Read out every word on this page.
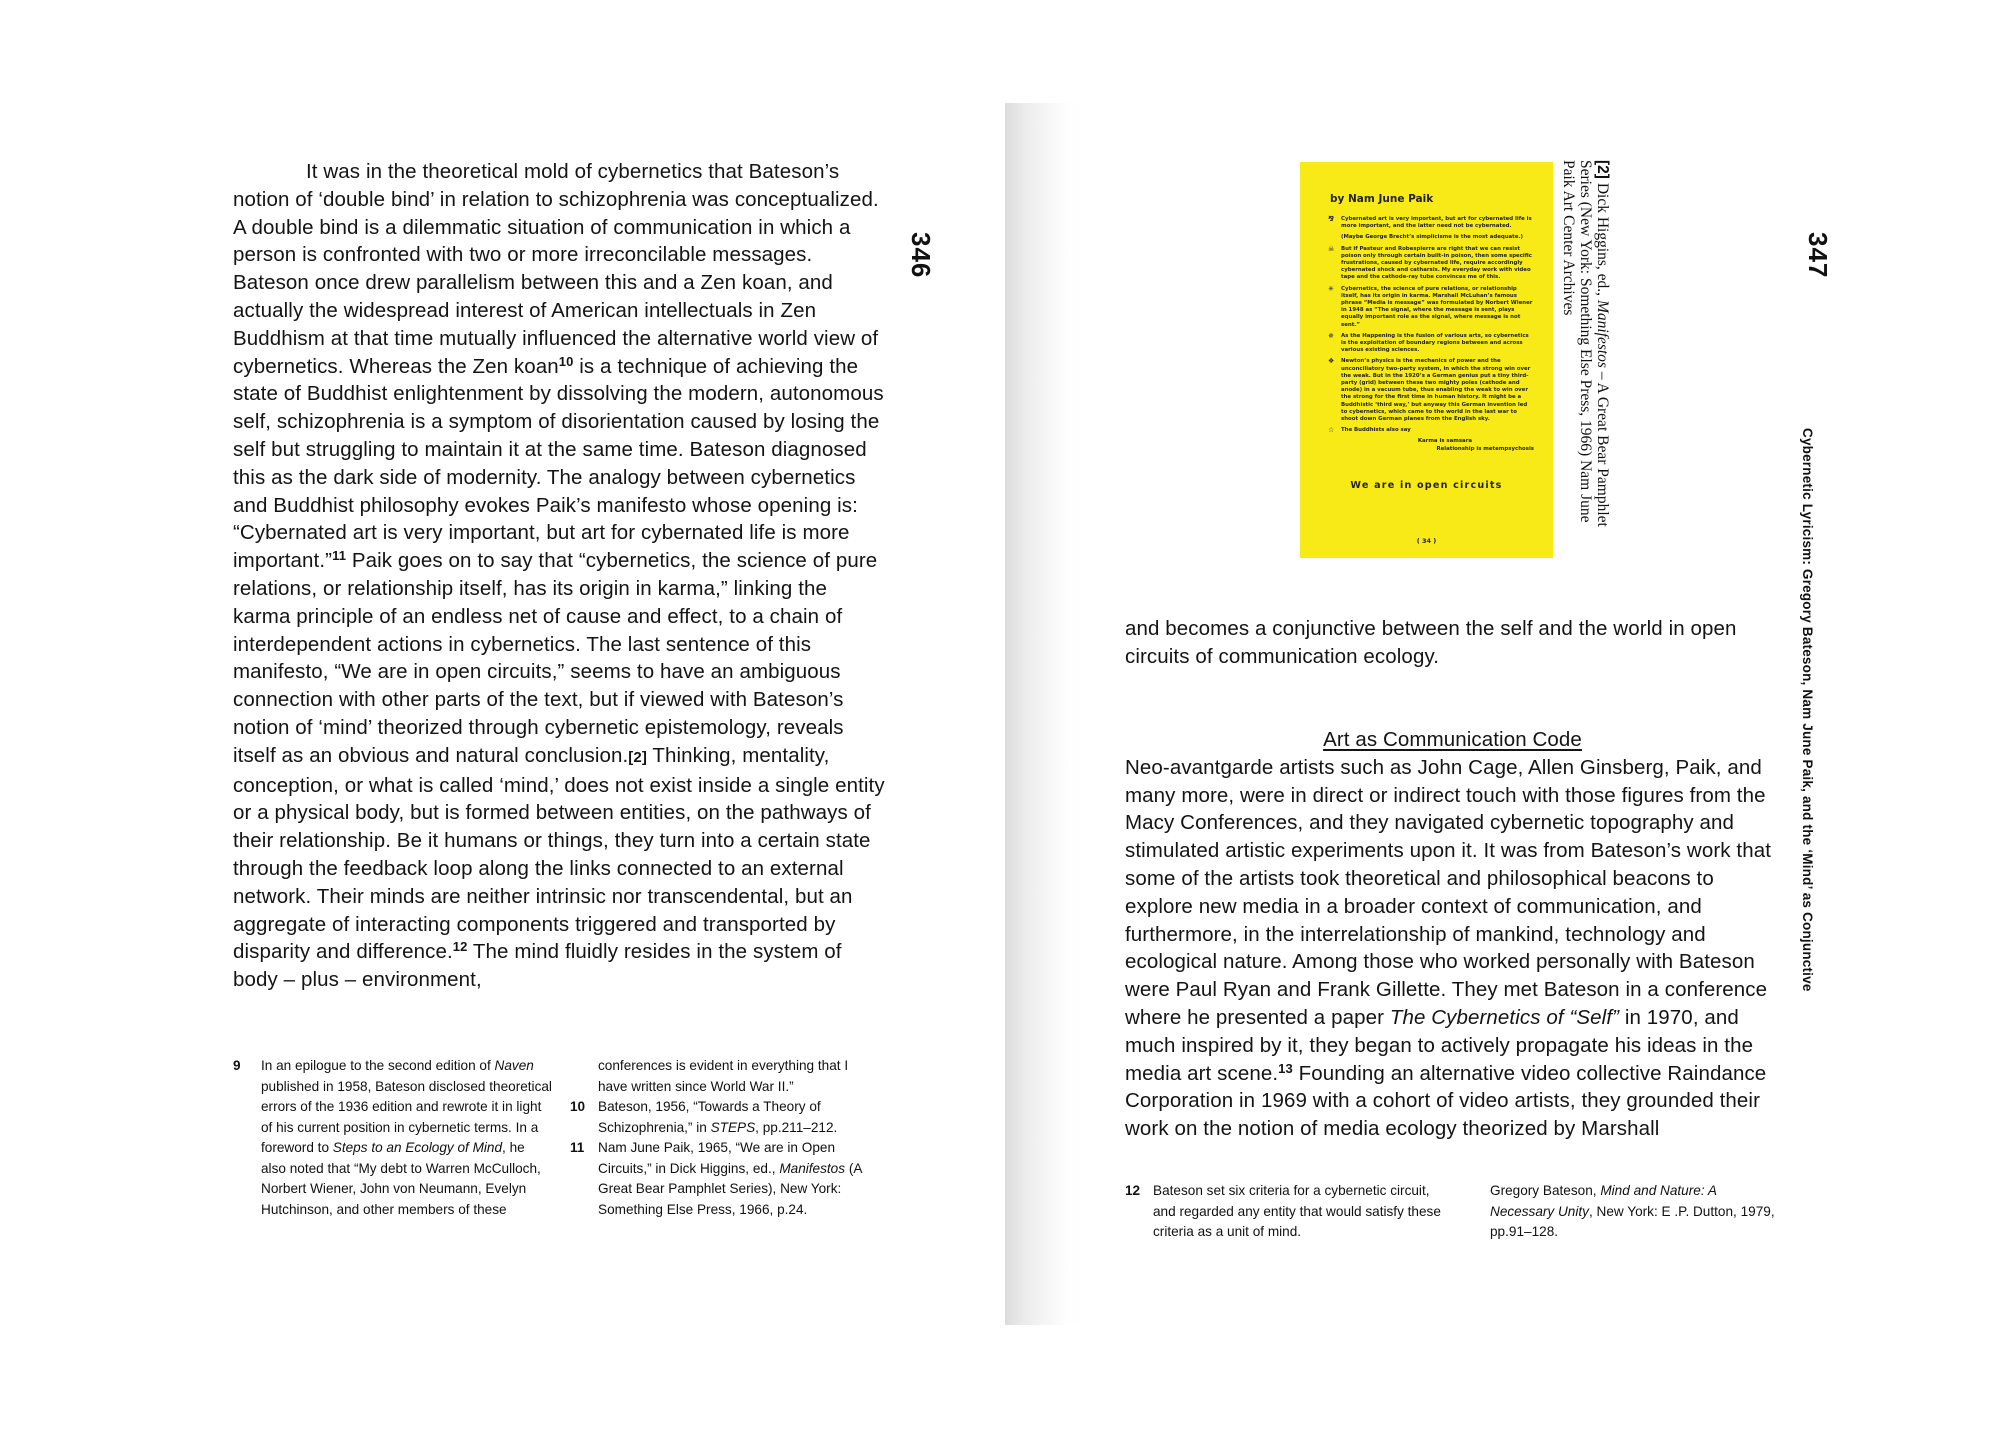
346

It was in the theoretical mold of cybernetics that Bateson’s notion of ‘double bind’ in relation to schizophrenia was conceptualized. A double bind is a dilemmatic situation of communication in which a person is confronted with two or more irreconcilable messages. Bateson once drew parallelism between this and a Zen koan, and actually the widespread interest of American intellectuals in Zen Buddhism at that time mutually influenced the alternative world view of cybernetics. Whereas the Zen koan$^{10}$ is a technique of achieving the state of Buddhist enlightenment by dissolving the modern, autonomous self, schizophrenia is a symptom of disorientation caused by losing the self but struggling to maintain it at the same time. Bateson diagnosed this as the dark side of modernity. The analogy between cybernetics and Buddhist philosophy evokes Paik’s manifesto whose opening is: “Cybernated art is very important, but art for cybernated life is more important.”$^{11}$ Paik goes on to say that “cybernetics, the science of pure relations, or relationship itself, has its origin in karma,” linking the karma principle of an endless net of cause and effect, to a chain of interdependent actions in cybernetics. The last sentence of this manifesto, “We are in open circuits,” seems to have an ambiguous connection with other parts of the text, but if viewed with Bateson’s notion of ‘mind’ theorized through cybernetic epistemology, reveals itself as an obvious and natural conclusion.[2] Thinking, mentality, conception, or what is called ‘mind,’ does not exist inside a single entity or a physical body, but is formed between entities, on the pathways of their relationship. Be it humans or things, they turn into a certain state through the feedback loop along the links connected to an external network. Their minds are neither intrinsic nor transcendental, but an aggregate of interacting components triggered and transported by disparity and difference.$^{12}$ The mind fluidly resides in the system of body – plus – environment,

9 In an epilogue to the second edition of Naven published in 1958, Bateson disclosed theoretical errors of the 1936 edition and rewrote it in light of his current position in cybernetic terms. In a foreword to Steps to an Ecology of Mind, he also noted that “My debt to Warren McCulloch, Norbert Wiener, John von Neumann, Evelyn Hutchinson, and other members of these

conferences is evident in everything that I have written since World War II.”

10 Bateson, 1956, “Towards a Theory of Schizophrenia,” in STEPS, pp.211–212.

11 Nam June Paik, 1965, “We are in Open Circuits,” in Dick Higgins, ed., Manifestos (A Great Bear Pamphlet Series), New York: Something Else Press, 1966, p.24.

347
Cybernetic Lyricism: Gregory Bateson, Nam June Paik, and the ‘Mind’ as Conjunctive
by Nam June Paik
⅋ Cybernated art is very important, but art for cybernated life is more important, and the latter need not be cybernated.
(Maybe George Brecht’s simplicisme is the most adequate.)
☠ But if Pasteur and Robespierre are right that we can resist poison only through certain built-in poison, then some specific frustrations, caused by cybernated life, require accordingly cybernated shock and catharsis. My everyday work with video tape and the cathode-ray tube convinces me of this.
✳ Cybernetics, the science of pure relations, or relationship itself, has its origin in karma. Marshall McLuhan’s famous phrase “Media is message” was formulated by Norbert Wiener in 1948 as “The signal, where the message is sent, plays equally important role as the signal, where message is not sent.”
✵ As the Happening is the fusion of various arts, so cybernetics is the exploitation of boundary regions between and across various existing sciences.
❖ Newton’s physics is the mechanics of power and the unconciliatory two-party system, in which the strong win over the weak. But in the 1920’s a German genius put a tiny third-party (grid) between these two mighty poles (cathode and anode) in a vacuum tube, thus enabling the weak to win over the strong for the first time in human history. It might be a Buddhistic ‘third way,’ but anyway this German invention led to cybernetics, which came to the world in the last war to shoot down German planes from the English sky.
☆ The Buddhists also say
Karma is samsara
Relationship is metempsychosis
We are in open circuits
( 34 )
[2] Dick Higgins, ed., Manifestos – A Great Bear Pamphlet Series (New York: Something Else Press, 1966) Nam June Paik Art Center Archives

and becomes a conjunctive between the self and the world in open circuits of communication ecology.

Art as Communication Code

Neo-avantgarde artists such as John Cage, Allen Ginsberg, Paik, and many more, were in direct or indirect touch with those figures from the Macy Conferences, and they navigated cybernetic topography and stimulated artistic experiments upon it. It was from Bateson’s work that some of the artists took theoretical and philosophical beacons to explore new media in a broader context of communication, and furthermore, in the interrelationship of mankind, technology and ecological nature. Among those who worked personally with Bateson were Paul Ryan and Frank Gillette. They met Bateson in a conference where he presented a paper The Cybernetics of “Self” in 1970, and much inspired by it, they began to actively propagate his ideas in the media art scene.$^{13}$ Founding an alternative video collective Raindance Corporation in 1969 with a cohort of video artists, they grounded their work on the notion of media ecology theorized by Marshall

12 Bateson set six criteria for a cybernetic circuit, and regarded any entity that would satisfy these criteria as a unit of mind.

Gregory Bateson, Mind and Nature: A Necessary Unity, New York: E .P. Dutton, 1979, pp.91–128.
